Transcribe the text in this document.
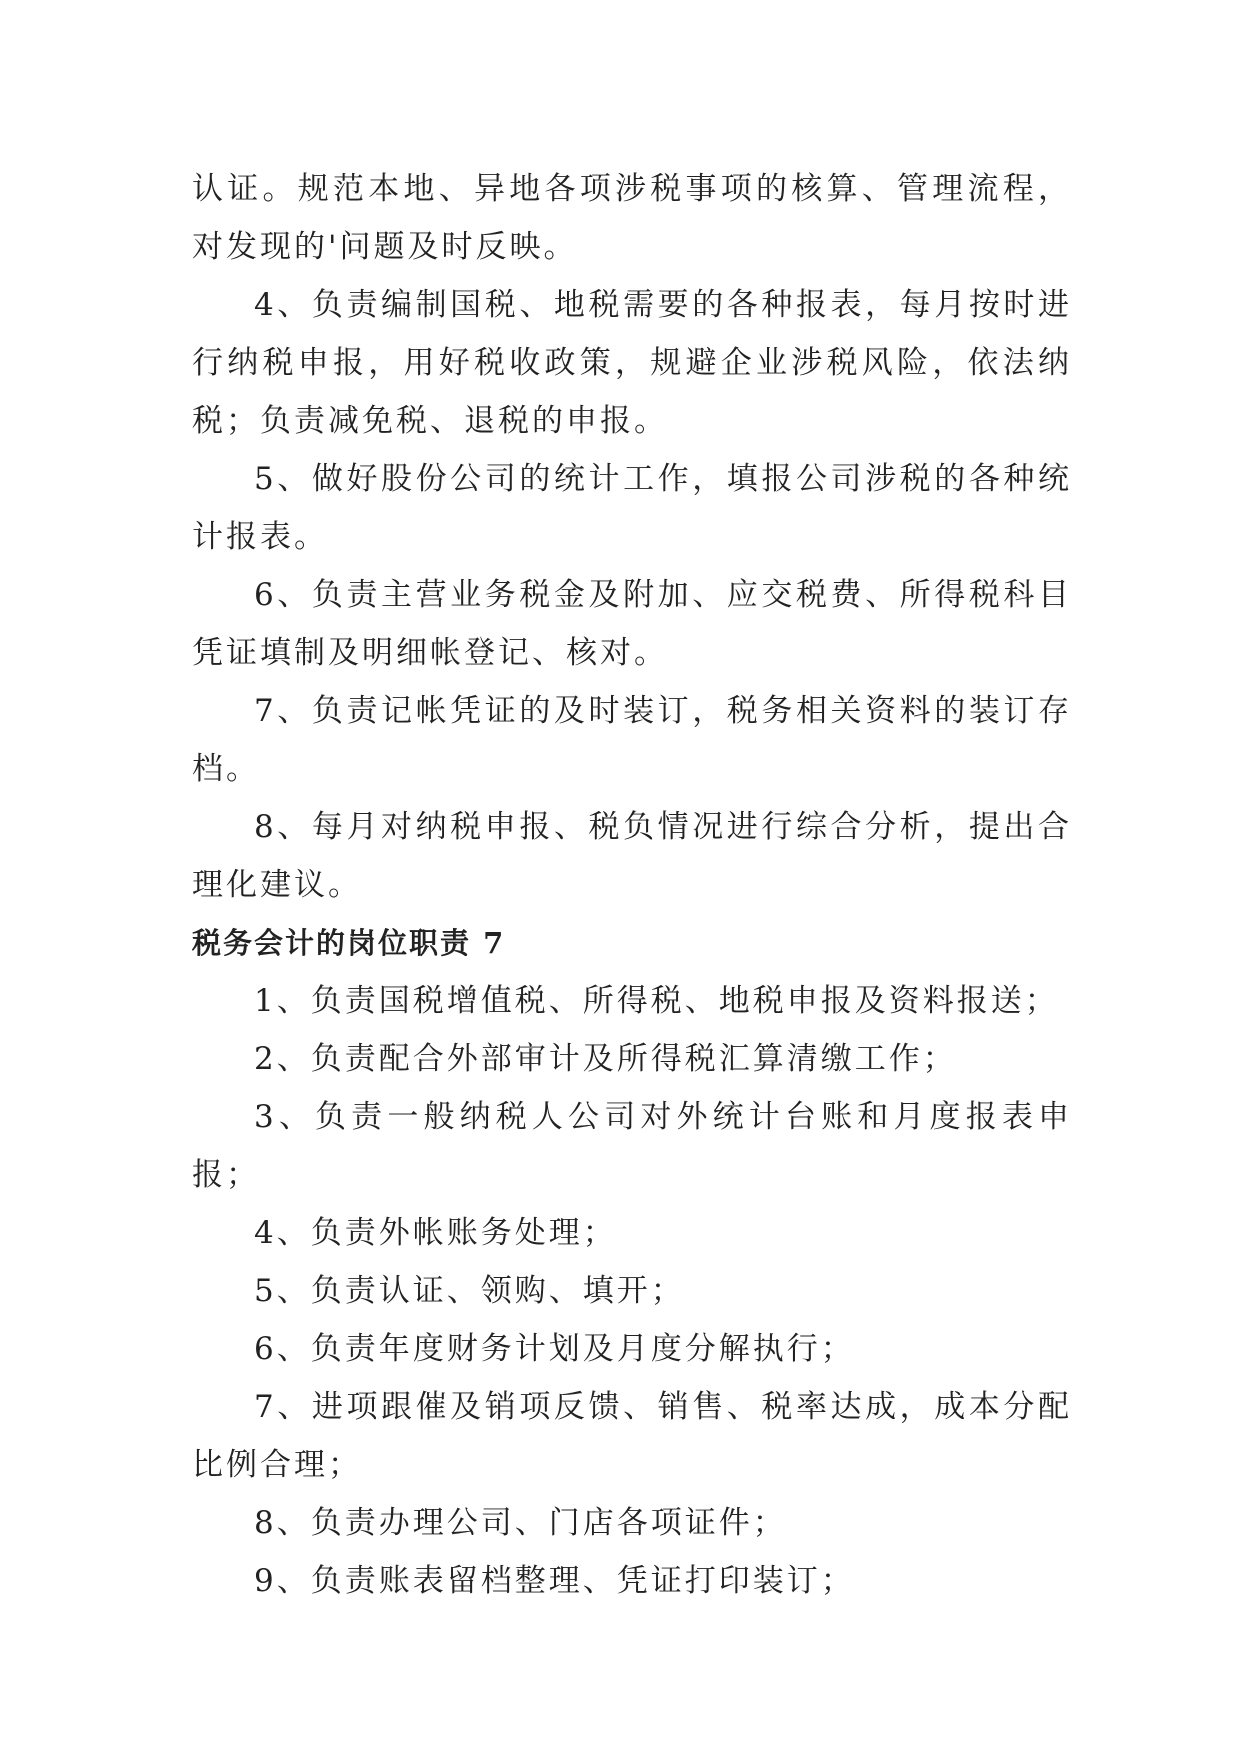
认证。规范本地、异地各项涉税事项的核算、管理流程，对发现的'问题及时反映。

4、负责编制国税、地税需要的各种报表，每月按时进行纳税申报，用好税收政策，规避企业涉税风险，依法纳税；负责减免税、退税的申报。

5、做好股份公司的统计工作，填报公司涉税的各种统计报表。

6、负责主营业务税金及附加、应交税费、所得税科目凭证填制及明细帐登记、核对。

7、负责记帐凭证的及时装订，税务相关资料的装订存档。

8、每月对纳税申报、税负情况进行综合分析，提出合理化建议。

税务会计的岗位职责 7
1、负责国税增值税、所得税、地税申报及资料报送；
2、负责配合外部审计及所得税汇算清缴工作；
3、负责一般纳税人公司对外统计台账和月度报表申报；
4、负责外帐账务处理；
5、负责认证、领购、填开；
6、负责年度财务计划及月度分解执行；
7、进项跟催及销项反馈、销售、税率达成，成本分配比例合理；
8、负责办理公司、门店各项证件；
9、负责账表留档整理、凭证打印装订；
